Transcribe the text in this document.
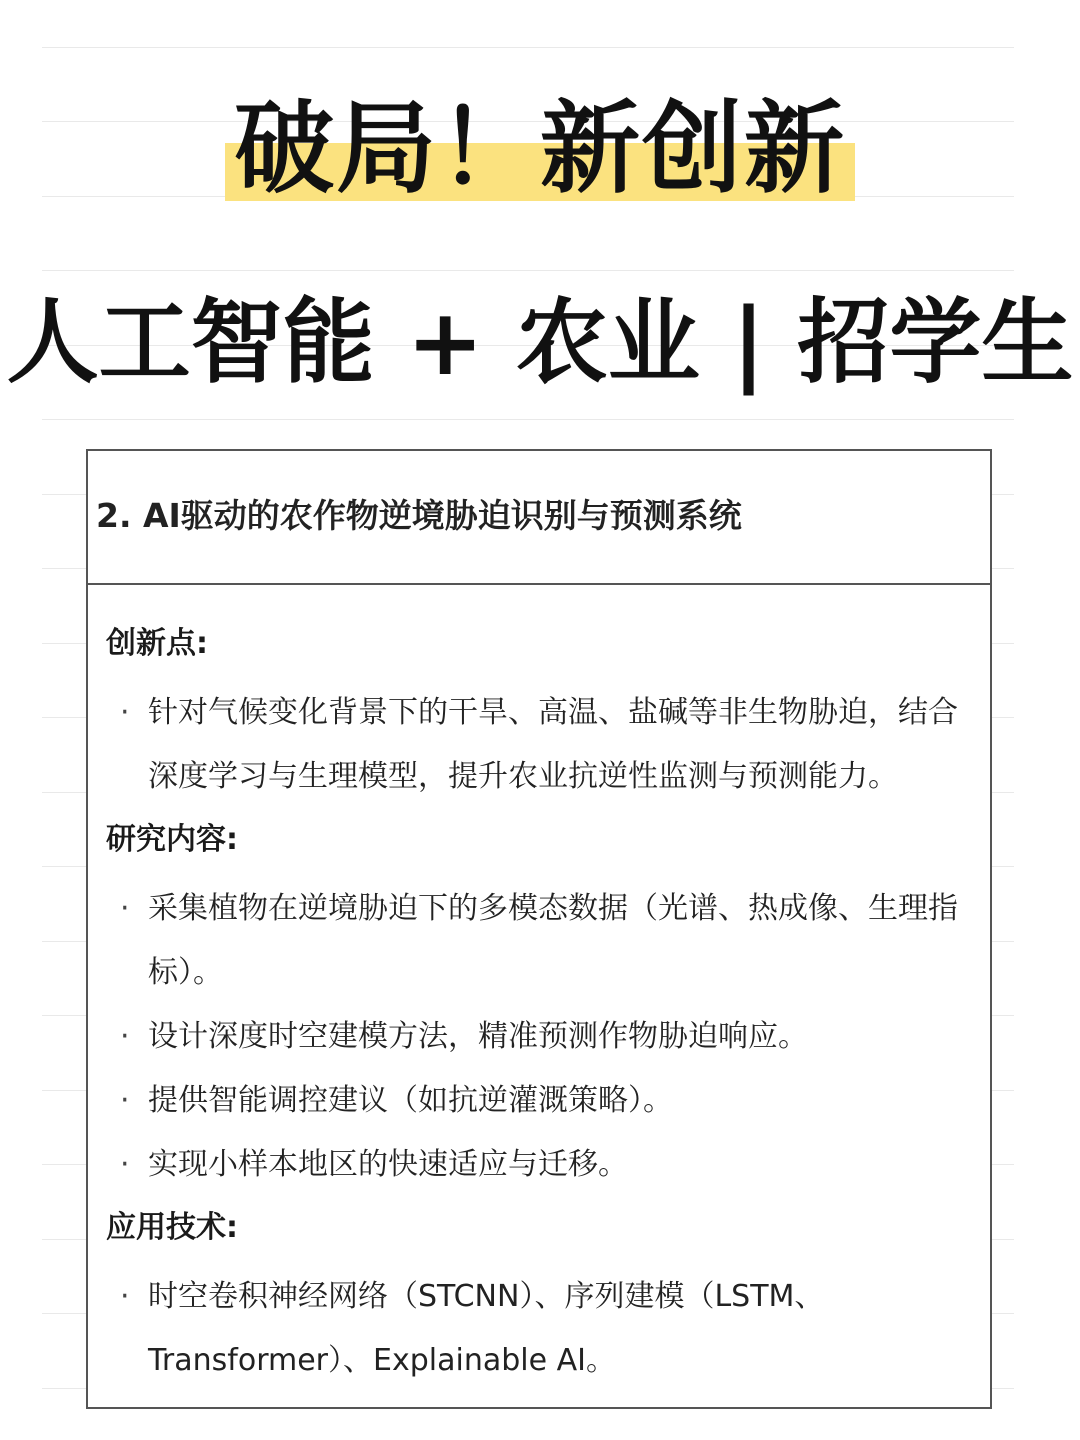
破局！新创新
人工智能 + 农业 | 招学生
2. AI驱动的农作物逆境胁迫识别与预测系统
创新点:
· 针对气候变化背景下的干旱、高温、盐碱等非生物胁迫，结合深度学习与生理模型，提升农业抗逆性监测与预测能力。
研究内容:
· 采集植物在逆境胁迫下的多模态数据（光谱、热成像、生理指标）。
· 设计深度时空建模方法，精准预测作物胁迫响应。
· 提供智能调控建议（如抗逆灌溉策略）。
· 实现小样本地区的快速适应与迁移。
应用技术:
· 时空卷积神经网络（STCNN）、序列建模（LSTM、Transformer）、Explainable AI。
